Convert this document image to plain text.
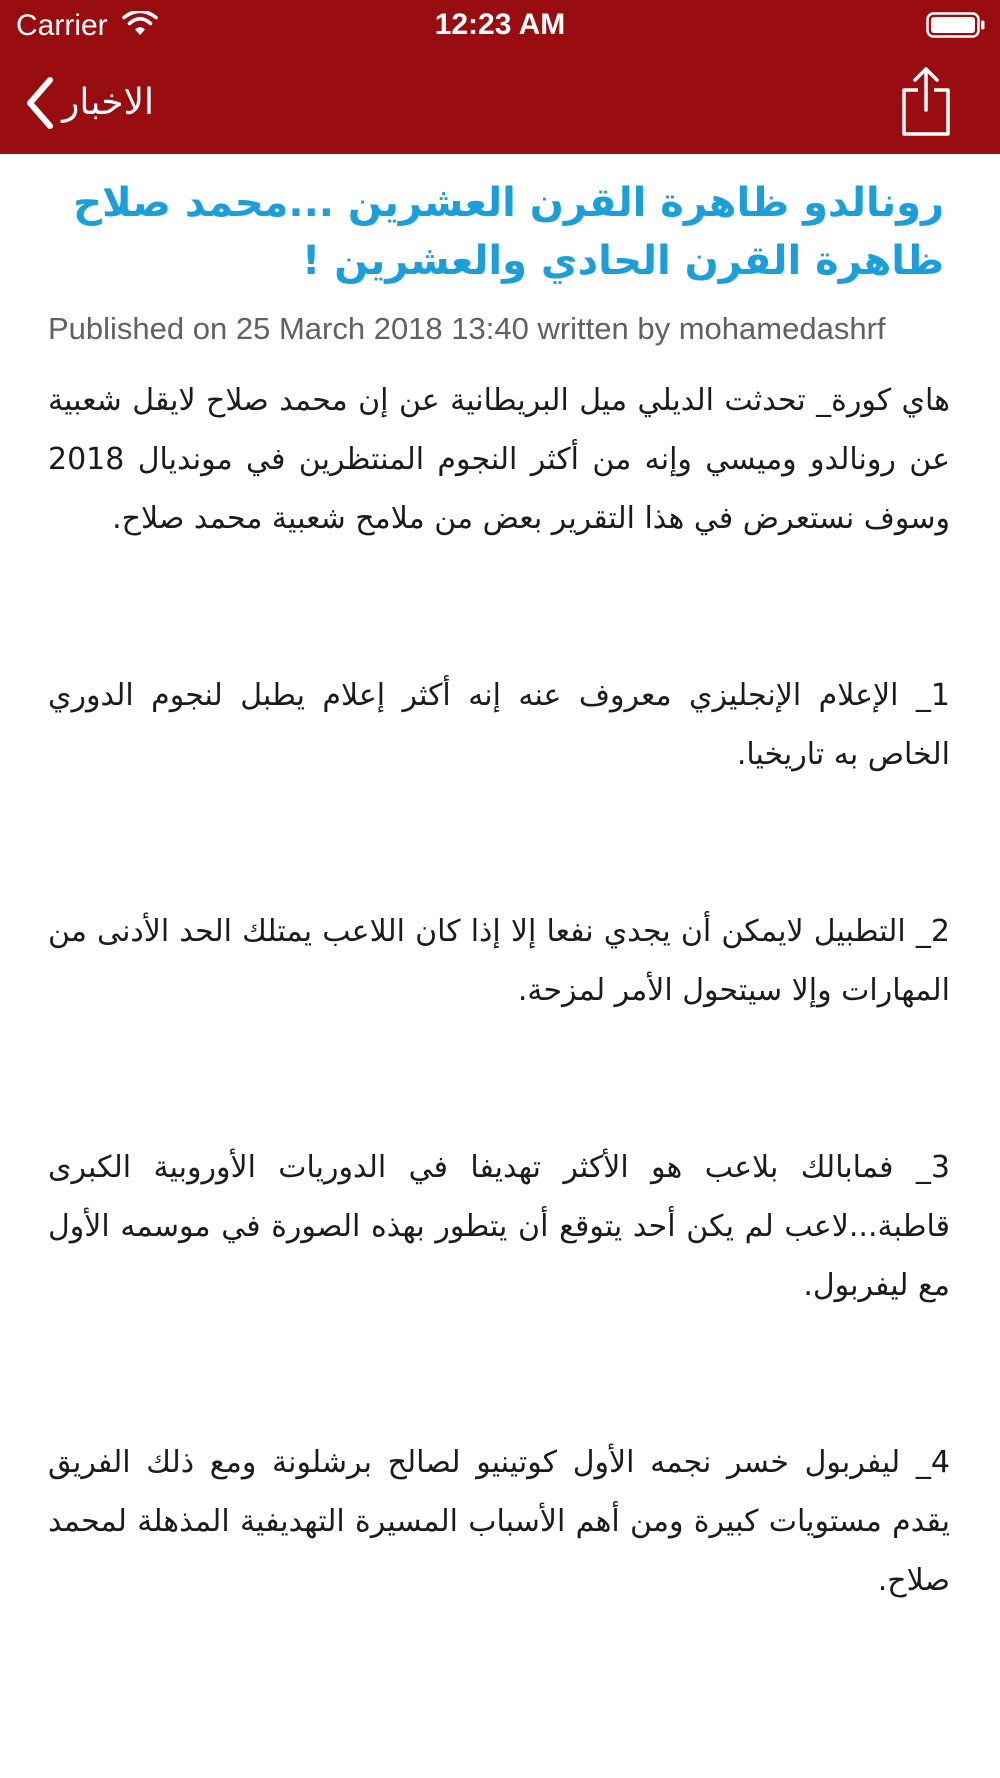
Carrier	12:23 AM
الاخبار
رونالدو ظاهرة القرن العشرين ...محمد صلاح ظاهرة القرن الحادي والعشرين !
Published on 25 March 2018 13:40 written by mohamedashrf

هاي كورة_ تحدثت الديلي ميل البريطانية عن إن محمد صلاح لايقل شعبية عن رونالدو وميسي وإنه من أكثر النجوم المنتظرين في مونديال 2018 وسوف نستعرض في هذا التقرير بعض من ملامح شعبية محمد صلاح.

1_ الإعلام الإنجليزي معروف عنه إنه أكثر إعلام يطبل لنجوم الدوري الخاص به تاريخيا.

2_ التطبيل لايمكن أن يجدي نفعا إلا إذا كان اللاعب يمتلك الحد الأدنى من المهارات وإلا سيتحول الأمر لمزحة.

3_ فمابالك بلاعب هو الأكثر تهديفا في الدوريات الأوروبية الكبرى قاطبة...لاعب لم يكن أحد يتوقع أن يتطور بهذه الصورة في موسمه الأول مع ليفربول.

4_ ليفربول خسر نجمه الأول كوتينيو لصالح برشلونة ومع ذلك الفريق يقدم مستويات كبيرة ومن أهم الأسباب المسيرة التهديفية المذهلة لمحمد صلاح.
